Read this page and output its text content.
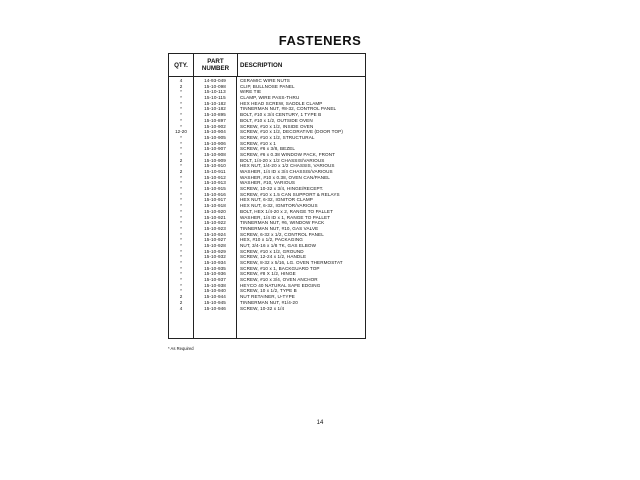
FASTENERS
QTY.	PART NUMBER	DESCRIPTION
4	14-93-049	CERAMIC WIRE NUTS
2	15-10-098	CLIP, BULLNOSE PANEL
*	15-10-113	WIRE TIE
*	15-10-115	CLAMP, WIRE PASS-THRU
*	15-10-182	HEX HEAD SCREW, SADDLE CLAMP
*	15-10-182	TINNERMAN NUT, #8-32, CONTROL PANEL
*	15-10-895	BOLT, #10 x 3/4 CENTURY, 1 TYPE B
*	15-10-897	BOLT, #10 x 1/2, OUTSIDE OVEN
*	15-10-902	SCREW, #10 x 1/2, INSIDE OVEN
12-20	15-10-904	SCREW, #10 x 1/2, DECORATIVE (DOOR TOP)
*	15-10-905	SCREW, #10 x 1/2, STRUCTURAL
*	15-10-906	SCREW, #10 x 1
*	15-10-907	SCREW, #6 x 3/8, BEZEL
*	15-10-908	SCREW, #6 x 0.38 WINDOW PACK, FRONT
2	15-10-909	BOLT, 1/4-20 x 1/2 CHASSIS/VARIOUS
*	15-10-910	HEX NUT, 1/4-20 x 1/2 CHASSIS, VARIOUS
2	15-10-911	WASHER, 1/4 ID x 3/4 CHASSIS/VARIOUS
*	15-10-912	WASHER, #10 x 0.38, OVEN CAN/PANEL
*	15-10-913	WASHER, #10, VARIOUS
*	15-10-915	SCREW, 10-32 x 3/4, HINGE/RECEPT.
*	15-10-916	SCREW, #10 x 1.5 CAN SUPPORT & RELAYS
*	15-10-917	HEX NUT, 6-32, IGNITOR CLAMP
*	15-10-918	HEX NUT, 6-32, IGNITOR/VARIOUS
*	15-10-920	BOLT, HEX 1/4-20 x 2, RANGE TO PALLET
*	15-10-921	WASHER, 1/4 ID x 1, RANGE TO PALLET
*	15-10-922	TINNERMAN NUT, #6, WINDOW PACK
*	15-10-923	TINNERMAN NUT, #10, GAS VALVE
*	15-10-924	SCREW, 6-32 x 1/2, CONTROL PANEL
*	15-10-927	HEX, #10 x 1/2, PACKAGING
*	15-10-928	NUT, 3/4-16 x 1/8 TK, GAS ELBOW
*	15-10-929	SCREW, #10 x 1/2, GROUND
*	15-10-932	SCREW, 12-24 x 1/2, HANDLE
*	15-10-934	SCREW, 8-32 x 5/16, LG. OVEN THERMOSTAT
*	15-10-935	SCREW, #10 x 1, BACKGUARD TOP
*	15-10-936	SCREW, #8 X 1/2, HINGE
*	15-10-937	SCREW, #10 x 3/4, OVEN ANCHOR
*	15-10-938	HEYCO 40 NATURAL SAFE EDGING
*	15-10-940	SCREW, 10 x 1/2, TYPE B
2	15-10-944	NUT RETAINER, U-TYPE
2	15-10-945	TINNERMAN NUT, #1/4-20
4	15-10-946	SCREW, 10-32 x 1/4
* As Required
14
